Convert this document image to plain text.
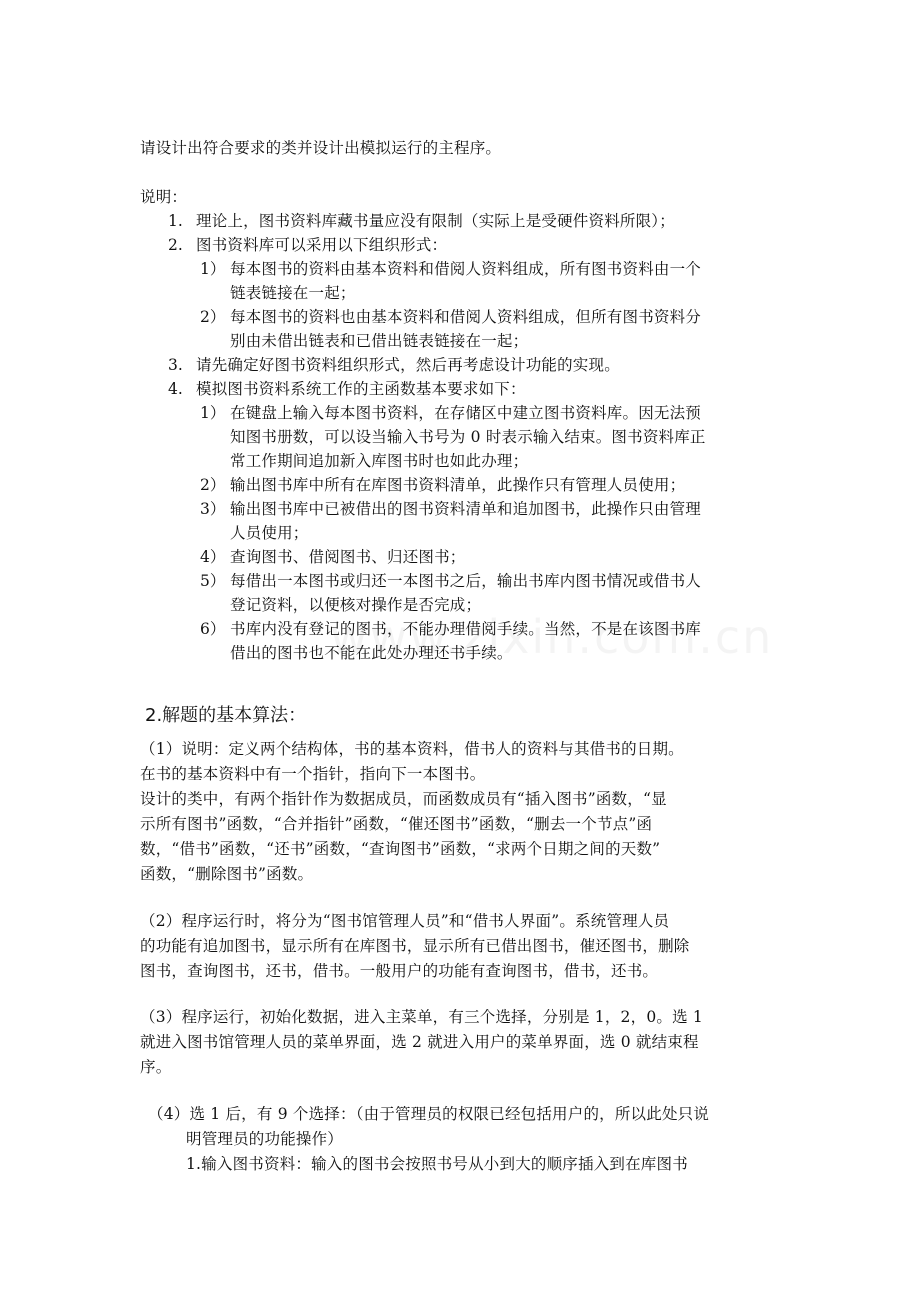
请设计出符合要求的类并设计出模拟运行的主程序。
说明：
1. 理论上，图书资料库藏书量应没有限制（实际上是受硬件资料所限）；
2. 图书资料库可以采用以下组织形式：
1） 每本图书的资料由基本资料和借阅人资料组成，所有图书资料由一个
链表链接在一起；
2） 每本图书的资料也由基本资料和借阅人资料组成，但所有图书资料分
别由未借出链表和已借出链表链接在一起；
3. 请先确定好图书资料组织形式，然后再考虑设计功能的实现。
4. 模拟图书资料系统工作的主函数基本要求如下：
1） 在键盘上输入每本图书资料，在存储区中建立图书资料库。因无法预
知图书册数，可以设当输入书号为 0 时表示输入结束。图书资料库正
常工作期间追加新入库图书时也如此办理；
2） 输出图书库中所有在库图书资料清单，此操作只有管理人员使用；
3） 输出图书库中已被借出的图书资料清单和追加图书，此操作只由管理
人员使用；
4） 查询图书、借阅图书、归还图书；
5） 每借出一本图书或归还一本图书之后，输出书库内图书情况或借书人
登记资料，以便核对操作是否完成；
6） 书库内没有登记的图书，不能办理借阅手续。当然，不是在该图书库
借出的图书也不能在此处办理还书手续。
2.解题的基本算法：
（1）说明：定义两个结构体，书的基本资料，借书人的资料与其借书的日期。
在书的基本资料中有一个指针，指向下一本图书。
设计的类中，有两个指针作为数据成员，而函数成员有“插入图书”函数，“显
示所有图书”函数，“合并指针”函数，“催还图书”函数，“删去一个节点”函
数，“借书”函数，“还书”函数，“查询图书”函数，“求两个日期之间的天数”
函数，“删除图书”函数。
（2）程序运行时，将分为“图书馆管理人员”和“借书人界面”。系统管理人员
的功能有追加图书，显示所有在库图书，显示所有已借出图书，催还图书，删除
图书，查询图书，还书，借书。一般用户的功能有查询图书，借书，还书。
（3）程序运行，初始化数据，进入主菜单，有三个选择，分别是 1，2，0。选 1
就进入图书馆管理人员的菜单界面，选 2 就进入用户的菜单界面，选 0 就结束程
序。
（4）选 1 后，有 9 个选择：（由于管理员的权限已经包括用户的，所以此处只说
明管理员的功能操作）
1.输入图书资料：输入的图书会按照书号从小到大的顺序插入到在库图书
